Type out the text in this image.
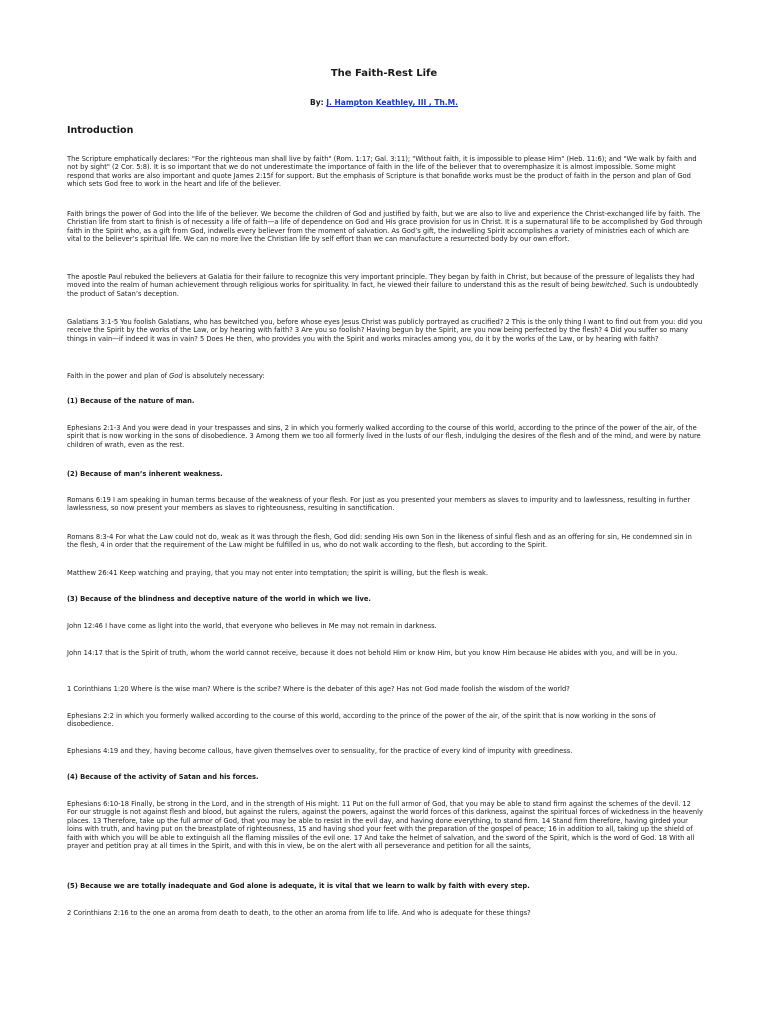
The Faith-Rest Life

By: J. Hampton Keathley, III , Th.M.

Introduction

The Scripture emphatically declares: "For the righteous man shall live by faith" (Rom. 1:17; Gal. 3:11); "Without faith, it is impossible to please Him" (Heb. 11:6); and "We walk by faith and not by sight" (2 Cor. 5:8). It is so important that we do not underestimate the importance of faith in the life of the believer that to overemphasize it is almost impossible. Some might respond that works are also important and quote James 2:15f for support. But the emphasis of Scripture is that bonafide works must be the product of faith in the person and plan of God which sets God free to work in the heart and life of the believer.

Faith brings the power of God into the life of the believer. We become the children of God and justified by faith, but we are also to live and experience the Christ-exchanged life by faith. The Christian life from start to finish is of necessity a life of faith—a life of dependence on God and His grace provision for us in Christ. It is a supernatural life to be accomplished by God through faith in the Spirit who, as a gift from God, indwells every believer from the moment of salvation. As God’s gift, the indwelling Spirit accomplishes a variety of ministries each of which are vital to the believer’s spiritual life. We can no more live the Christian life by self effort than we can manufacture a resurrected body by our own effort.

The apostle Paul rebuked the believers at Galatia for their failure to recognize this very important principle. They began by faith in Christ, but because of the pressure of legalists they had moved into the realm of human achievement through religious works for spirituality. In fact, he viewed their failure to understand this as the result of being bewitched. Such is undoubtedly the product of Satan’s deception.

Galatians 3:1-5 You foolish Galatians, who has bewitched you, before whose eyes Jesus Christ was publicly portrayed as crucified? 2 This is the only thing I want to find out from you: did you receive the Spirit by the works of the Law, or by hearing with faith? 3 Are you so foolish? Having begun by the Spirit, are you now being perfected by the flesh? 4 Did you suffer so many things in vain—if indeed it was in vain? 5 Does He then, who provides you with the Spirit and works miracles among you, do it by the works of the Law, or by hearing with faith?

Faith in the power and plan of God is absolutely necessary:

(1) Because of the nature of man.

Ephesians 2:1-3 And you were dead in your trespasses and sins, 2 in which you formerly walked according to the course of this world, according to the prince of the power of the air, of the spirit that is now working in the sons of disobedience. 3 Among them we too all formerly lived in the lusts of our flesh, indulging the desires of the flesh and of the mind, and were by nature children of wrath, even as the rest.

(2) Because of man’s inherent weakness.

Romans 6:19 I am speaking in human terms because of the weakness of your flesh. For just as you presented your members as slaves to impurity and to lawlessness, resulting in further lawlessness, so now present your members as slaves to righteousness, resulting in sanctification.

Romans 8:3-4 For what the Law could not do, weak as it was through the flesh, God did: sending His own Son in the likeness of sinful flesh and as an offering for sin, He condemned sin in the flesh, 4 in order that the requirement of the Law might be fulfilled in us, who do not walk according to the flesh, but according to the Spirit.

Matthew 26:41 Keep watching and praying, that you may not enter into temptation; the spirit is willing, but the flesh is weak.

(3) Because of the blindness and deceptive nature of the world in which we live.

John 12:46 I have come as light into the world, that everyone who believes in Me may not remain in darkness.

John 14:17 that is the Spirit of truth, whom the world cannot receive, because it does not behold Him or know Him, but you know Him because He abides with you, and will be in you.

1 Corinthians 1:20 Where is the wise man? Where is the scribe? Where is the debater of this age? Has not God made foolish the wisdom of the world?

Ephesians 2:2 in which you formerly walked according to the course of this world, according to the prince of the power of the air, of the spirit that is now working in the sons of disobedience.

Ephesians 4:19 and they, having become callous, have given themselves over to sensuality, for the practice of every kind of impurity with greediness.

(4) Because of the activity of Satan and his forces.

Ephesians 6:10-18 Finally, be strong in the Lord, and in the strength of His might. 11 Put on the full armor of God, that you may be able to stand firm against the schemes of the devil. 12 For our struggle is not against flesh and blood, but against the rulers, against the powers, against the world forces of this darkness, against the spiritual forces of wickedness in the heavenly places. 13 Therefore, take up the full armor of God, that you may be able to resist in the evil day, and having done everything, to stand firm. 14 Stand firm therefore, having girded your loins with truth, and having put on the breastplate of righteousness, 15 and having shod your feet with the preparation of the gospel of peace; 16 in addition to all, taking up the shield of faith with which you will be able to extinguish all the flaming missiles of the evil one. 17 And take the helmet of salvation, and the sword of the Spirit, which is the word of God. 18 With all prayer and petition pray at all times in the Spirit, and with this in view, be on the alert with all perseverance and petition for all the saints,

(5) Because we are totally inadequate and God alone is adequate, it is vital that we learn to walk by faith with every step.

2 Corinthians 2:16 to the one an aroma from death to death, to the other an aroma from life to life. And who is adequate for these things?
